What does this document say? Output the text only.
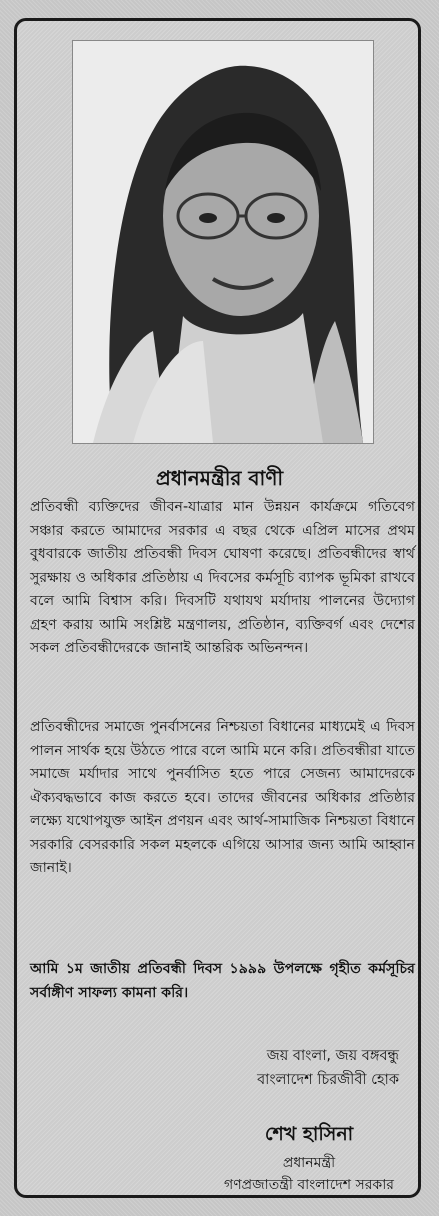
প্রধানমন্ত্রীর বাণী

প্রতিবন্ধী ব্যক্তিদের জীবন-যাত্রার মান উন্নয়ন কার্যক্রমে গতিবেগ সঞ্চার করতে আমাদের সরকার এ বছর থেকে এপ্রিল মাসের প্রথম বুধবারকে জাতীয় প্রতিবন্ধী দিবস ঘোষণা করেছে। প্রতিবন্ধীদের স্বার্থ সুরক্ষায় ও অধিকার প্রতিষ্ঠায় এ দিবসের কর্মসূচি ব্যাপক ভূমিকা রাখবে বলে আমি বিশ্বাস করি। দিবসটি যথাযথ মর্যাদায় পালনের উদ্যোগ গ্রহণ করায় আমি সংশ্লিষ্ট মন্ত্রণালয়, প্রতিষ্ঠান, ব্যক্তিবর্গ এবং দেশের সকল প্রতিবন্ধীদেরকে জানাই আন্তরিক অভিনন্দন।

প্রতিবন্ধীদের সমাজে পুনর্বাসনের নিশ্চয়তা বিধানের মাধ্যমেই এ দিবস পালন সার্থক হয়ে উঠতে পারে বলে আমি মনে করি। প্রতিবন্ধীরা যাতে সমাজে মর্যাদার সাথে পুনর্বাসিত হতে পারে সেজন্য আমাদেরকে ঐক্যবদ্ধভাবে কাজ করতে হবে। তাদের জীবনের অধিকার প্রতিষ্ঠার লক্ষ্যে যথোপযুক্ত আইন প্রণয়ন এবং আর্থ-সামাজিক নিশ্চয়তা বিধানে সরকারি বেসরকারি সকল মহলকে এগিয়ে আসার জন্য আমি আহ্বান জানাই।

আমি ১ম জাতীয় প্রতিবন্ধী দিবস ১৯৯৯ উপলক্ষে গৃহীত কর্মসূচির সর্বাঙ্গীণ সাফল্য কামনা করি।

জয় বাংলা, জয় বঙ্গবন্ধু
বাংলাদেশ চিরজীবী হোক
শেখ হাসিনা
প্রধানমন্ত্রী
গণপ্রজাতন্ত্রী বাংলাদেশ সরকার
